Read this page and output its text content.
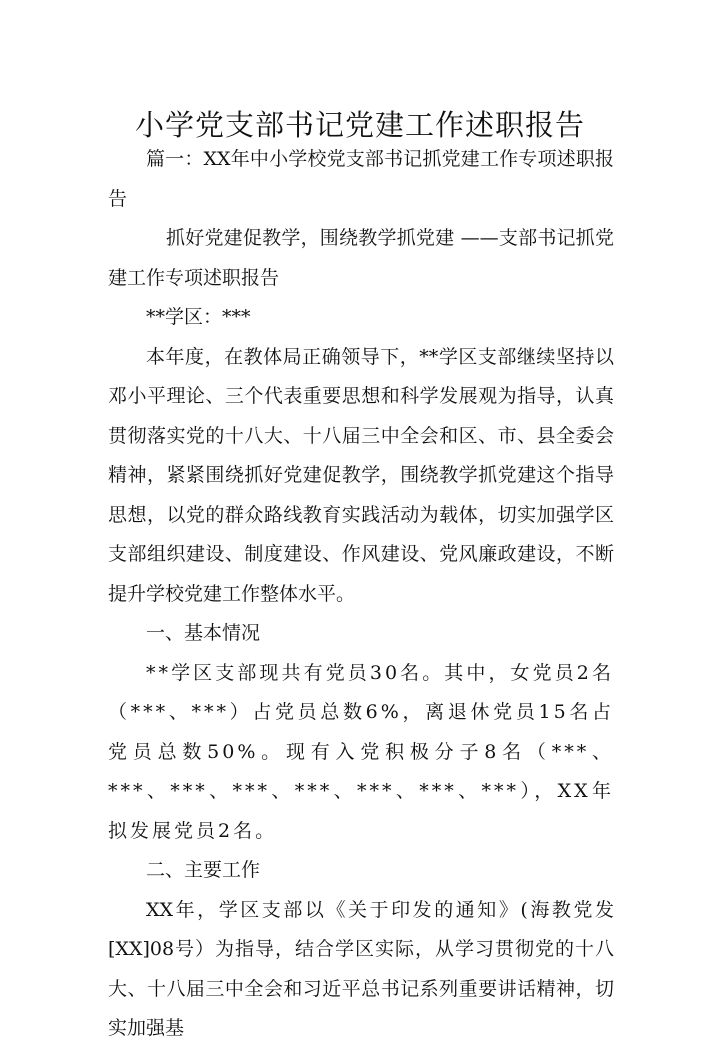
小学党支部书记党建工作述职报告

篇一：XX年中小学校党支部书记抓党建工作专项述职报告

抓好党建促教学，围绕教学抓党建 ——支部书记抓党建工作专项述职报告

**学区：***

本年度，在教体局正确领导下，**学区支部继续坚持以邓小平理论、三个代表重要思想和科学发展观为指导，认真贯彻落实党的十八大、十八届三中全会和区、市、县全委会精神，紧紧围绕抓好党建促教学，围绕教学抓党建这个指导思想，以党的群众路线教育实践活动为载体，切实加强学区支部组织建设、制度建设、作风建设、党风廉政建设，不断提升学校党建工作整体水平。

一、基本情况

**学区支部现共有党员30名。其中，女党员2名（***、***）占党员总数6%，离退休党员15名占党员总数50%。现有入党积极分子8名（***、***、***、***、***、***、***、***），XX年拟发展党员2名。

二、主要工作

XX年，学区支部以《关于印发的通知》(海教党发[XX]08号）为指导，结合学区实际，从学习贯彻党的十八大、十八届三中全会和习近平总书记系列重要讲话精神，切实加强基
